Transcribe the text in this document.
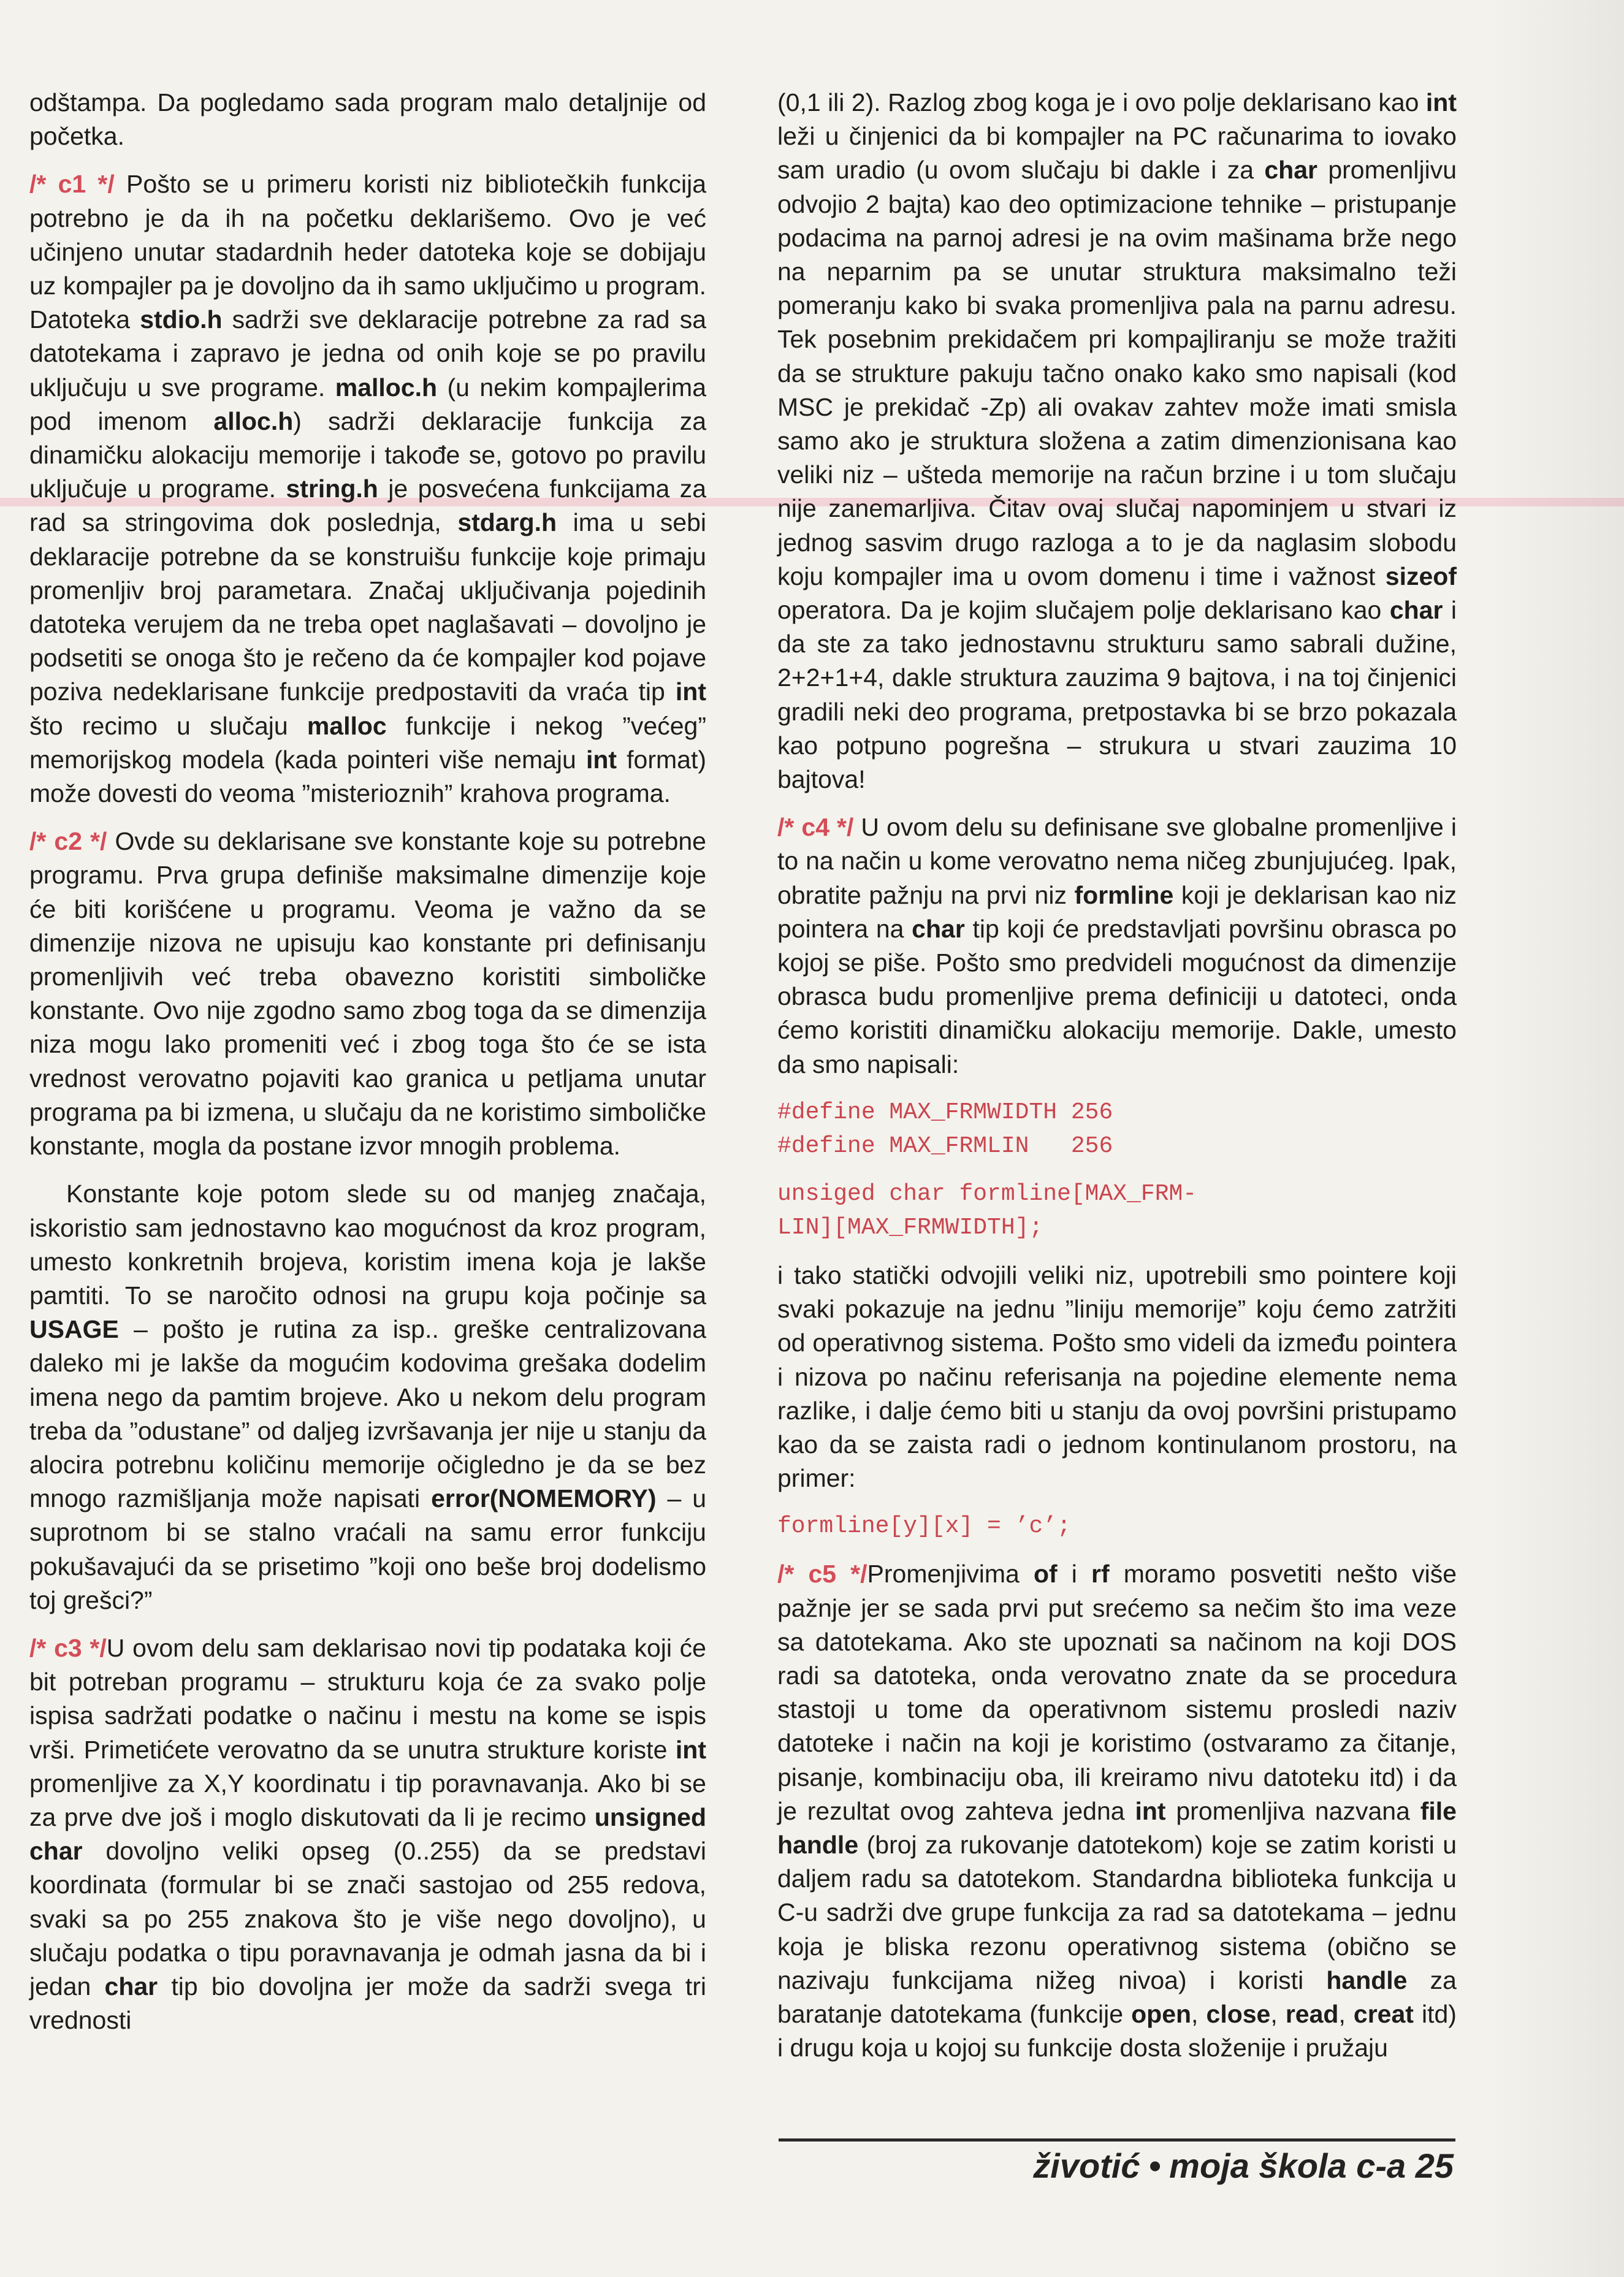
odštampa. Da pogledamo sada program malo detaljnije od početka.

/* c1 */ Pošto se u primeru koristi niz bibliotečkih funkcija potrebno je da ih na početku deklarišemo. Ovo je već učinjeno unutar stadardnih heder datoteka koje se dobijaju uz kompajler pa je dovoljno da ih samo uključimo u program. Datoteka stdio.h sadrži sve deklaracije potrebne za rad sa datotekama i zapravo je jedna od onih koje se po pravilu uključuju u sve programe. malloc.h (u nekim kompajlerima pod imenom alloc.h) sadrži deklaracije funkcija za dinamičku alokaciju memorije i takođe se, gotovo po pravilu uključuje u programe. string.h je posvećena funkcijama za rad sa stringovima dok poslednja, stdarg.h ima u sebi deklaracije potrebne da se konstruišu funkcije koje primaju promenljiv broj parametara. Značaj uključivanja pojedinih datoteka verujem da ne treba opet naglašavati – dovoljno je podsetiti se onoga što je rečeno da će kompajler kod pojave poziva nedeklarisane funkcije predpostaviti da vraća tip int što recimo u slučaju malloc funkcije i nekog ”većeg” memorijskog modela (kada pointeri više nemaju int format) može dovesti do veoma ”misterioznih” krahova programa.

/* c2 */ Ovde su deklarisane sve konstante koje su potrebne programu. Prva grupa definiše maksimalne dimenzije koje će biti korišćene u programu. Veoma je važno da se dimenzije nizova ne upisuju kao konstante pri definisanju promenljivih već treba obavezno koristiti simboličke konstante. Ovo nije zgodno samo zbog toga da se dimenzija niza mogu lako promeniti već i zbog toga što će se ista vrednost verovatno pojaviti kao granica u petljama unutar programa pa bi izmena, u slučaju da ne koristimo simboličke konstante, mogla da postane izvor mnogih problema.

Konstante koje potom slede su od manjeg značaja, iskoristio sam jednostavno kao mogućnost da kroz program, umesto konkretnih brojeva, koristim imena koja je lakše pamtiti. To se naročito odnosi na grupu koja počinje sa USAGE – pošto je rutina za isp.. greške centralizovana daleko mi je lakše da mogućim kodovima grešaka dodelim imena nego da pamtim brojeve. Ako u nekom delu program treba da ”odustane” od daljeg izvršavanja jer nije u stanju da alocira potrebnu količinu memorije očigledno je da se bez mnogo razmišljanja može napisati error(NOMEMORY) – u suprotnom bi se stalno vraćali na samu error funkciju pokušavajući da se prisetimo ”koji ono beše broj dodelismo toj grešci?”

/* c3 */U ovom delu sam deklarisao novi tip podataka koji će bit potreban programu – strukturu koja će za svako polje ispisa sadržati podatke o načinu i mestu na kome se ispis vrši. Primetićete verovatno da se unutra strukture koriste int promenljive za X,Y koordinatu i tip poravnavanja. Ako bi se za prve dve još i moglo diskutovati da li je recimo unsigned char dovoljno veliki opseg (0..255) da se predstavi koordinata (formular bi se znači sastojao od 255 redova, svaki sa po 255 znakova što je više nego dovoljno), u slučaju podatka o tipu poravnavanja je odmah jasna da bi i jedan char tip bio dovoljna jer može da sadrži svega tri vrednosti

(0,1 ili 2). Razlog zbog koga je i ovo polje deklarisano kao int leži u činjenici da bi kompajler na PC računarima to iovako sam uradio (u ovom slučaju bi dakle i za char promenljivu odvojio 2 bajta) kao deo optimizacione tehnike – pristupanje podacima na parnoj adresi je na ovim mašinama brže nego na neparnim pa se unutar struktura maksimalno teži pomeranju kako bi svaka promenljiva pala na parnu adresu. Tek posebnim prekidačem pri kompajliranju se može tražiti da se strukture pakuju tačno onako kako smo napisali (kod MSC je prekidač -Zp) ali ovakav zahtev može imati smisla samo ako je struktura složena a zatim dimenzionisana kao veliki niz – ušteda memorije na račun brzine i u tom slučaju nije zanemarljiva. Čitav ovaj slučaj napominjem u stvari iz jednog sasvim drugo razloga a to je da naglasim slobodu koju kompajler ima u ovom domenu i time i važnost sizeof operatora. Da je kojim slučajem polje deklarisano kao char i da ste za tako jednostavnu strukturu samo sabrali dužine, 2+2+1+4, dakle struktura zauzima 9 bajtova, i na toj činjenici gradili neki deo programa, pretpostavka bi se brzo pokazala kao potpuno pogrešna – strukura u stvari zauzima 10 bajtova!

/* c4 */ U ovom delu su definisane sve globalne promenljive i to na način u kome verovatno nema ničeg zbunjujućeg. Ipak, obratite pažnju na prvi niz formline koji je deklarisan kao niz pointera na char tip koji će predstavljati površinu obrasca po kojoj se piše. Pošto smo predvideli mogućnost da dimenzije obrasca budu promenljive prema definiciji u datoteci, onda ćemo koristiti dinamičku alokaciju memorije. Dakle, umesto da smo napisali:

#define MAX_FRMWIDTH 256
#define MAX_FRMLIN   256
unsiged char formline[MAX_FRM-
LIN][MAX_FRMWIDTH];

i tako statički odvojili veliki niz, upotrebili smo pointere koji svaki pokazuje na jednu ”liniju memorije” koju ćemo zatržiti od operativnog sistema. Pošto smo videli da između pointera i nizova po načinu referisanja na pojedine elemente nema razlike, i dalje ćemo biti u stanju da ovoj površini pristupamo kao da se zaista radi o jednom kontinulanom prostoru, na primer:

formline[y][x] = ’c’;

/* c5 */Promenjivima of i rf moramo posvetiti nešto više pažnje jer se sada prvi put srećemo sa nečim što ima veze sa datotekama. Ako ste upoznati sa načinom na koji DOS radi sa datoteka, onda verovatno znate da se procedura stastoji u tome da operativnom sistemu prosledi naziv datoteke i način na koji je koristimo (ostvaramo za čitanje, pisanje, kombinaciju oba, ili kreiramo nivu datoteku itd) i da je rezultat ovog zahteva jedna int promenljiva nazvana file handle (broj za rukovanje datotekom) koje se zatim koristi u daljem radu sa datotekom. Standardna biblioteka funkcija u C-u sadrži dve grupe funkcija za rad sa datotekama – jednu koja je bliska rezonu operativnog sistema (obično se nazivaju funkcijama nižeg nivoa) i koristi handle za baratanje datotekama (funkcije open, close, read, creat itd) i drugu koja u kojoj su funkcije dosta složenije i pružaju

životić • moja škola c-a 25
